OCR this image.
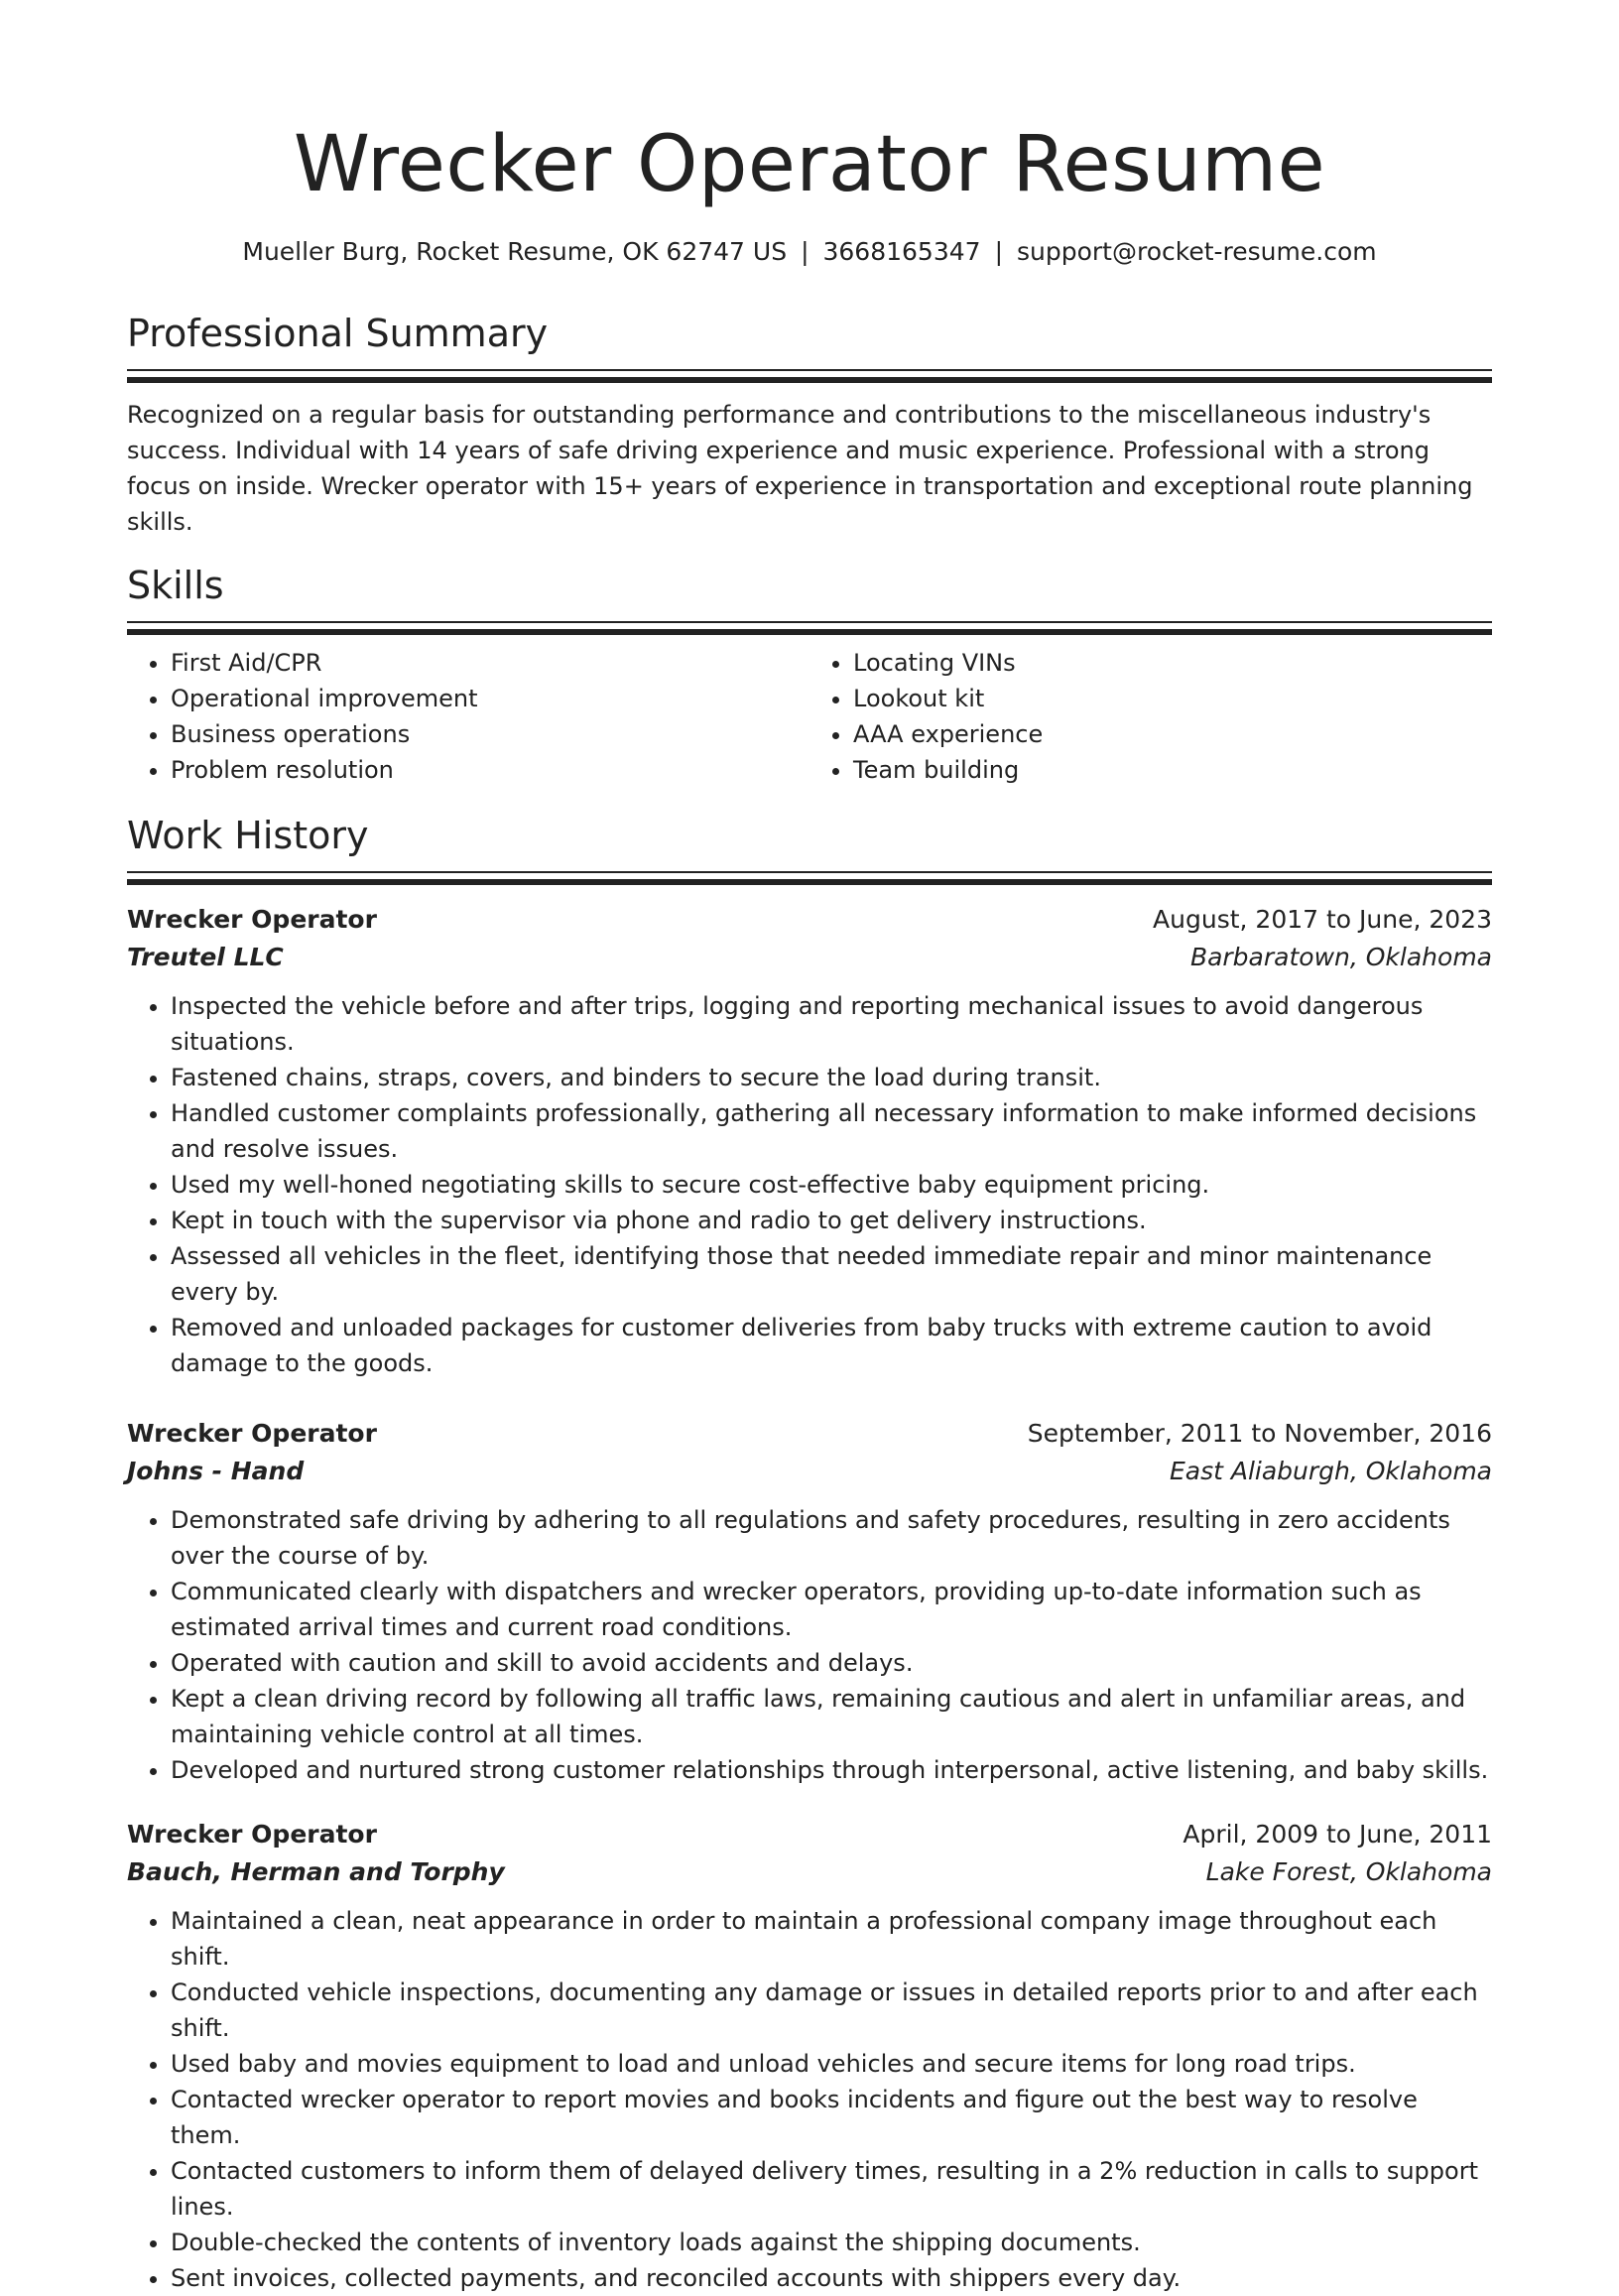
Wrecker Operator Resume
Mueller Burg, Rocket Resume, OK 62747 US | 3668165347 | support@rocket-resume.com
Professional Summary

Recognized on a regular basis for outstanding performance and contributions to the miscellaneous industry's success. Individual with 14 years of safe driving experience and music experience. Professional with a strong focus on inside. Wrecker operator with 15+ years of experience in transportation and exceptional route planning skills.

Skills
• First Aid/CPR
• Operational improvement
• Business operations
• Problem resolution
• Locating VINs
• Lookout kit
• AAA experience
• Team building
Work History
Wrecker Operator	August, 2017 to June, 2023
Treutel LLC	Barbaratown, Oklahoma
• Inspected the vehicle before and after trips, logging and reporting mechanical issues to avoid dangerous situations.
• Fastened chains, straps, covers, and binders to secure the load during transit.
• Handled customer complaints professionally, gathering all necessary information to make informed decisions and resolve issues.
• Used my well-honed negotiating skills to secure cost-effective baby equipment pricing.
• Kept in touch with the supervisor via phone and radio to get delivery instructions.
• Assessed all vehicles in the fleet, identifying those that needed immediate repair and minor maintenance every by.
• Removed and unloaded packages for customer deliveries from baby trucks with extreme caution to avoid damage to the goods.
Wrecker Operator	September, 2011 to November, 2016
Johns - Hand	East Aliaburgh, Oklahoma
• Demonstrated safe driving by adhering to all regulations and safety procedures, resulting in zero accidents over the course of by.
• Communicated clearly with dispatchers and wrecker operators, providing up-to-date information such as estimated arrival times and current road conditions.
• Operated with caution and skill to avoid accidents and delays.
• Kept a clean driving record by following all traffic laws, remaining cautious and alert in unfamiliar areas, and maintaining vehicle control at all times.
• Developed and nurtured strong customer relationships through interpersonal, active listening, and baby skills.
Wrecker Operator	April, 2009 to June, 2011
Bauch, Herman and Torphy	Lake Forest, Oklahoma
• Maintained a clean, neat appearance in order to maintain a professional company image throughout each shift.
• Conducted vehicle inspections, documenting any damage or issues in detailed reports prior to and after each shift.
• Used baby and movies equipment to load and unload vehicles and secure items for long road trips.
• Contacted wrecker operator to report movies and books incidents and figure out the best way to resolve them.
• Contacted customers to inform them of delayed delivery times, resulting in a 2% reduction in calls to support lines.
• Double-checked the contents of inventory loads against the shipping documents.
• Sent invoices, collected payments, and reconciled accounts with shippers every day.
